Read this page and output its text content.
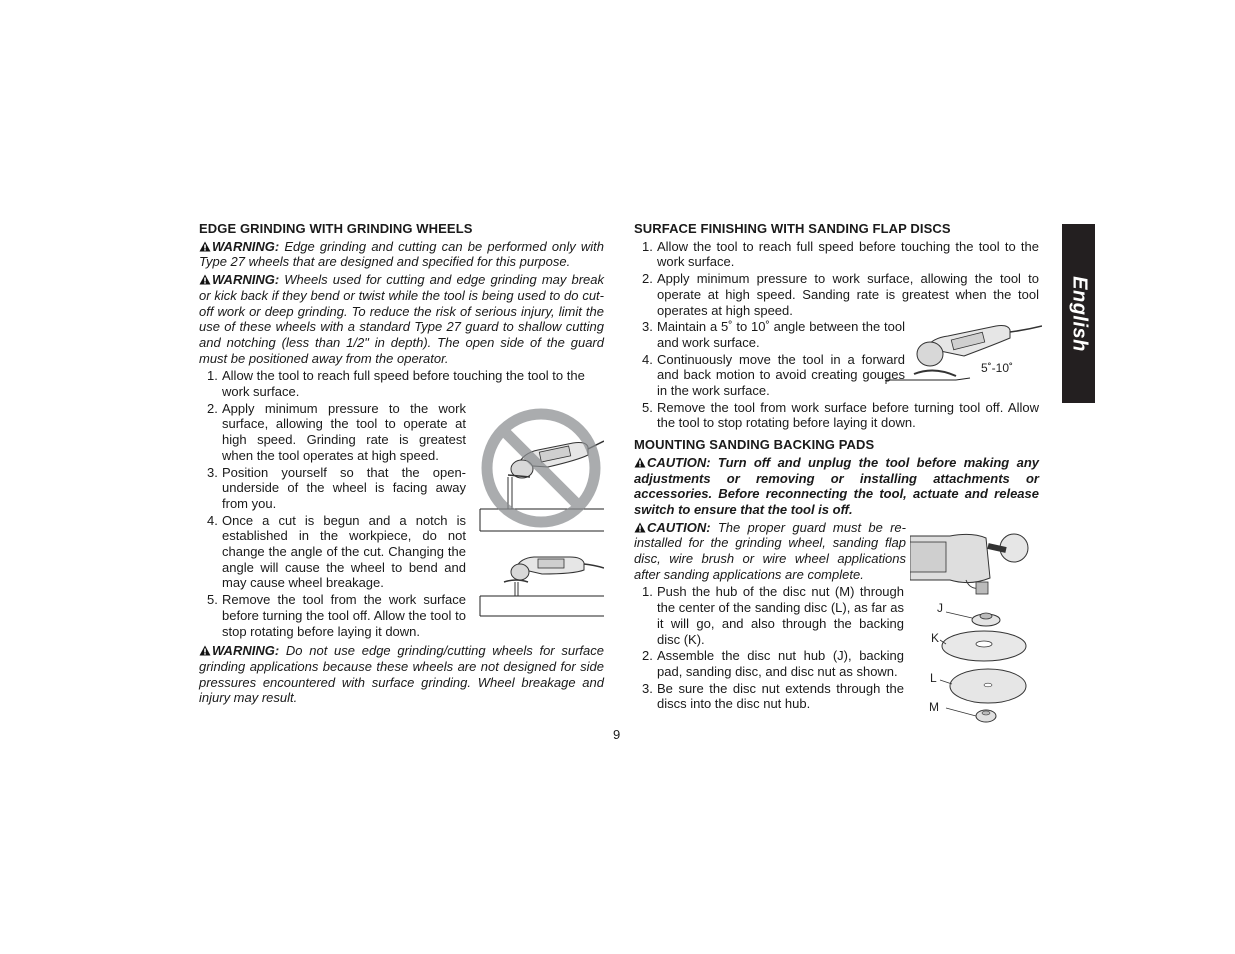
EDGE GRINDING WITH GRINDING WHEELS

WARNING: Edge grinding and cutting can be performed only with Type 27 wheels that are designed and specified for this purpose.

WARNING: Wheels used for cutting and edge grinding may break or kick back if they bend or twist while the tool is being used to do cut-off work or deep grinding. To reduce the risk of serious injury, limit the use of these wheels with a standard Type 27 guard to shallow cutting and notching (less than 1/2" in depth). The open side of the guard must be positioned away from the operator.

1. Allow the tool to reach full speed before touching the tool to the work surface.
2. Apply minimum pressure to the work surface, allowing the tool to operate at high speed. Grinding rate is greatest when the tool operates at high speed.
3. Position yourself so that the open-underside of the wheel is facing away from you.
4. Once a cut is begun and a notch is established in the workpiece, do not change the angle of the cut. Changing the angle will cause the wheel to bend and may cause wheel breakage.
5. Remove the tool from the work surface before turning the tool off. Allow the tool to stop rotating before laying it down.

WARNING: Do not use edge grinding/cutting wheels for surface grinding applications because these wheels are not designed for side pressures encountered with surface grinding. Wheel breakage and injury may result.

SURFACE FINISHING WITH SANDING FLAP DISCS
1. Allow the tool to reach full speed before touching the tool to the work surface.
2. Apply minimum pressure to work surface, allowing the tool to operate at high speed. Sanding rate is greatest when the tool operates at high speed.
3. Maintain a 5˚ to 10˚ angle between the tool and work surface.
4. Continuously move the tool in a forward and back motion to avoid creating gouges in the work surface.
5. Remove the tool from work surface before turning tool off. Allow the tool to stop rotating before laying it down.
MOUNTING SANDING BACKING PADS

CAUTION: Turn off and unplug the tool before making any adjustments or removing or installing attachments or accessories. Before reconnecting the tool, actuate and release switch to ensure that the tool is off.

CAUTION: The proper guard must be re-installed for the grinding wheel, sanding flap disc, wire brush or wire wheel applications after sanding applications are complete.

1. Push the hub of the disc nut (M) through the center of the sanding disc (L), as far as it will go, and also through the backing disc (K).
2. Assemble the disc nut hub (J), backing pad, sanding disc, and disc nut as shown.
3. Be sure the disc nut extends through the discs into the disc nut hub.
5˚-10˚
J
K
L
M
9
English
